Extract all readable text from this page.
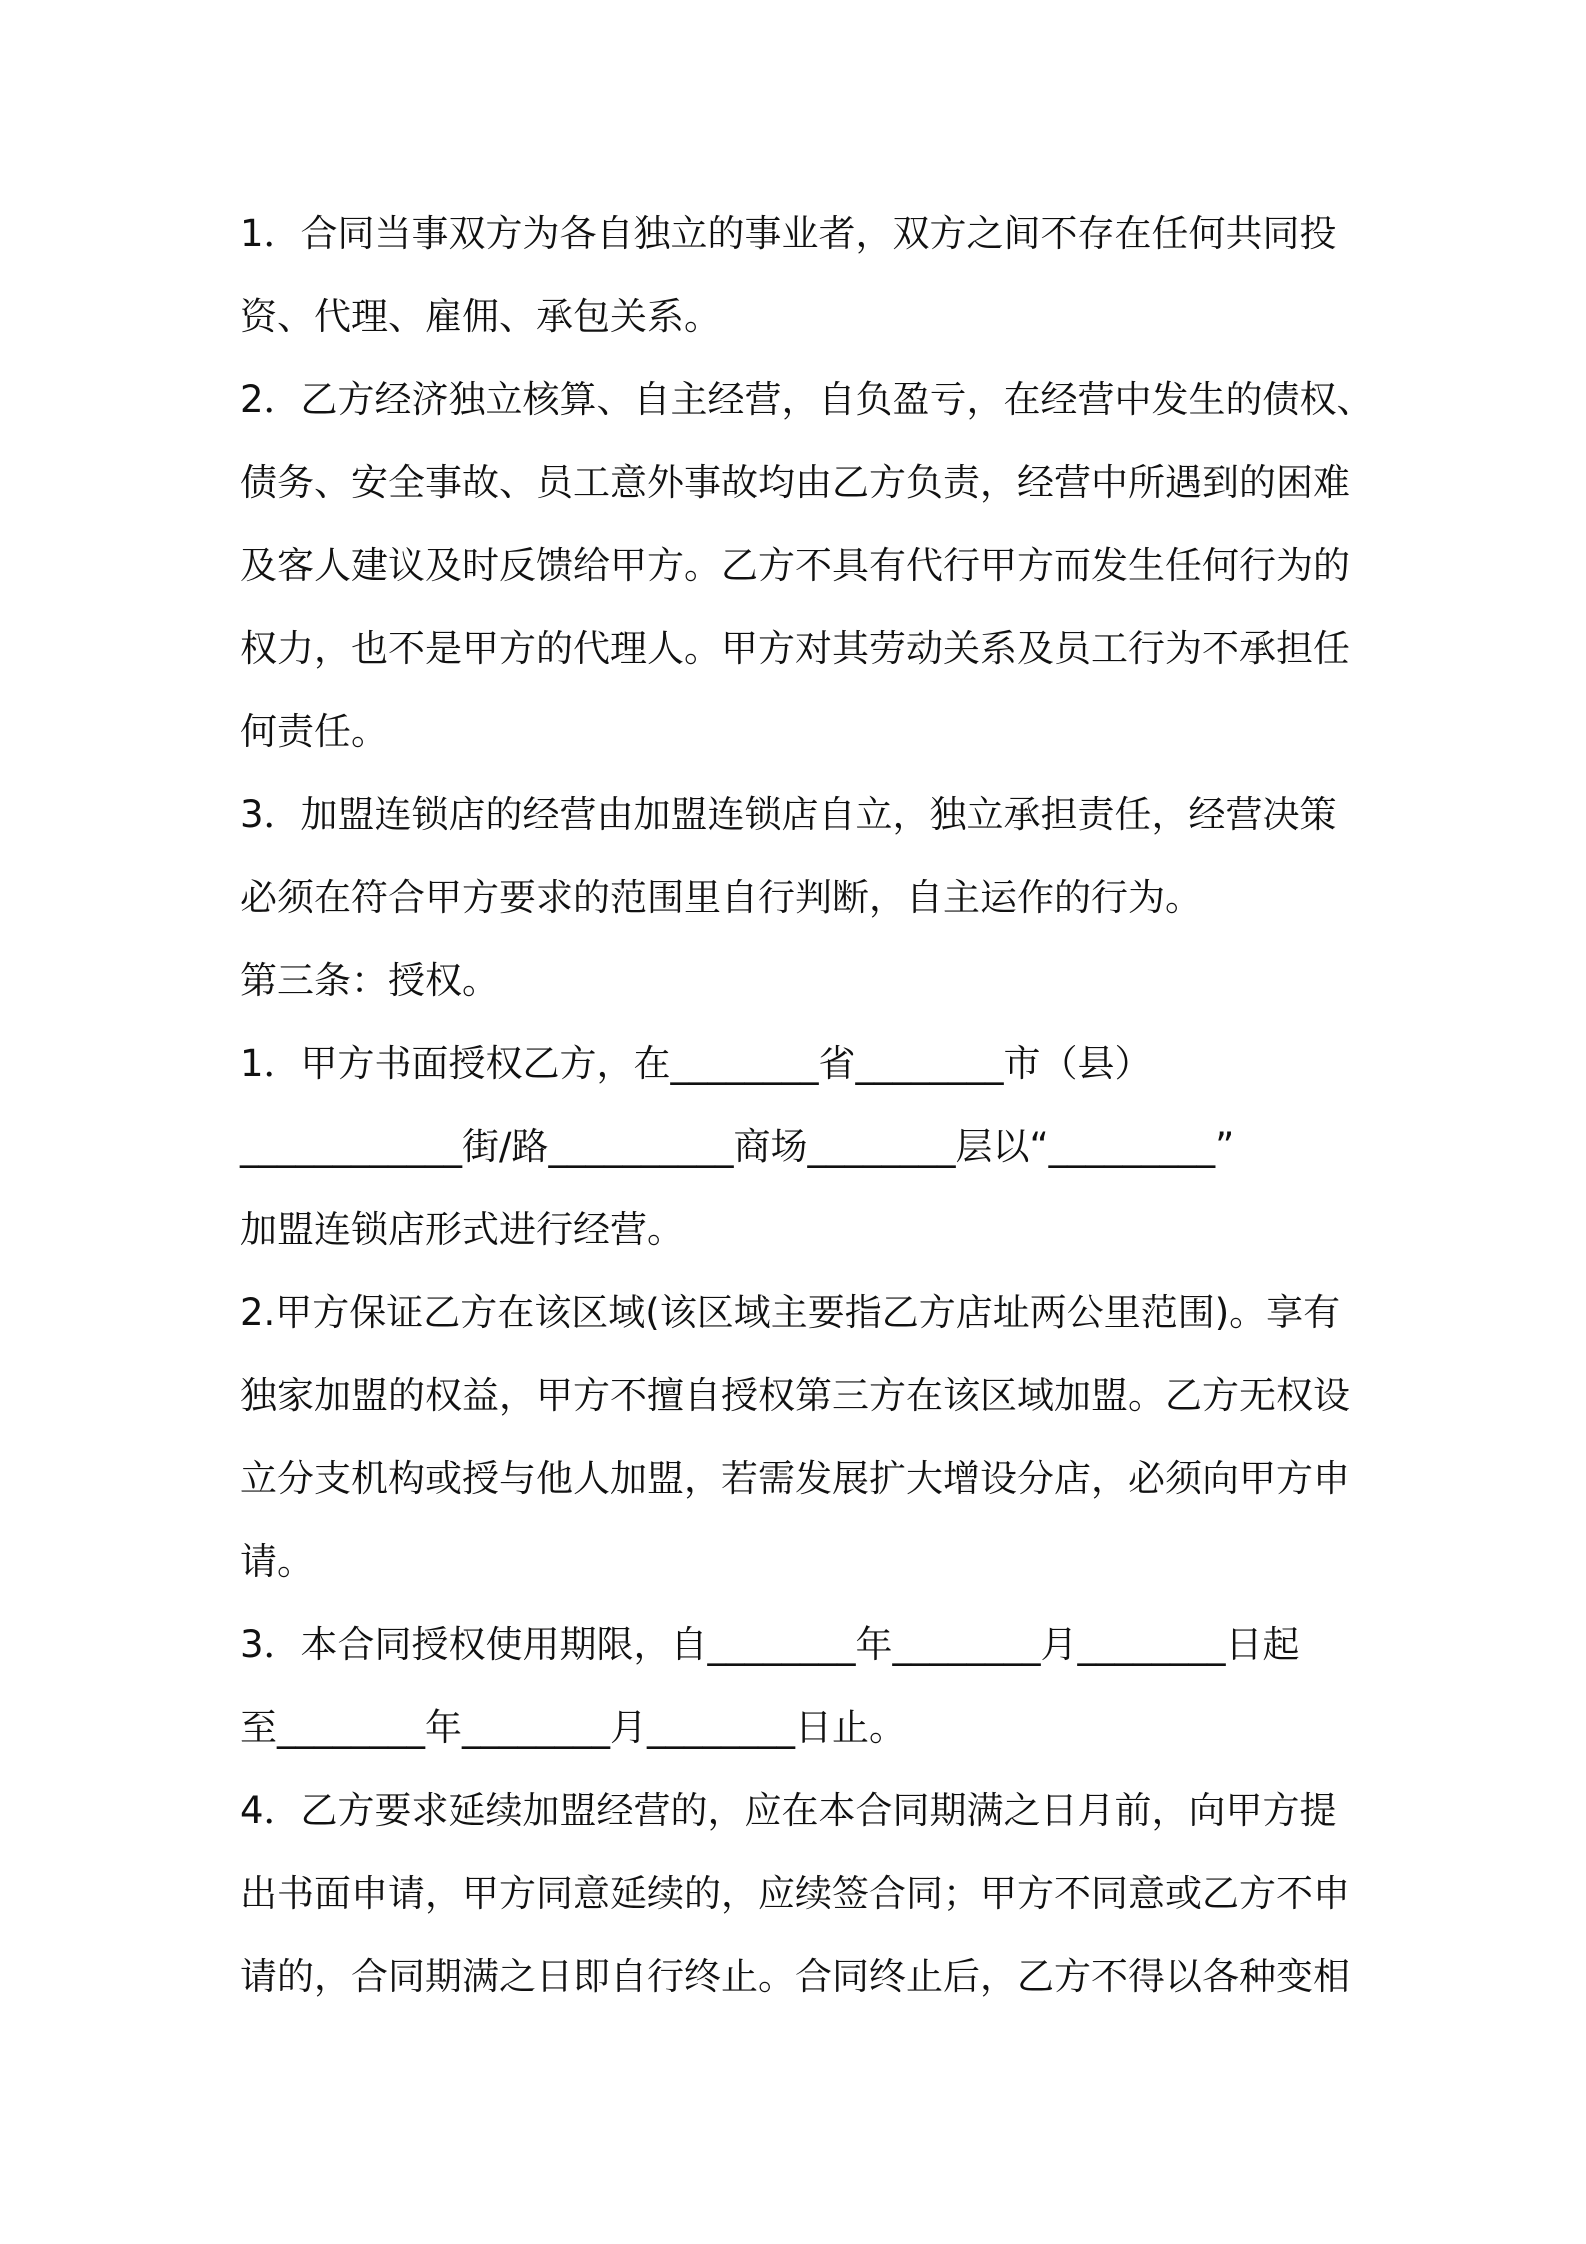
1．合同当事双方为各自独立的事业者，双方之间不存在任何共同投
资、代理、雇佣、承包关系。
2．乙方经济独立核算、自主经营，自负盈亏，在经营中发生的债权、
债务、安全事故、员工意外事故均由乙方负责，经营中所遇到的困难
及客人建议及时反馈给甲方。乙方不具有代行甲方而发生任何行为的
权力，也不是甲方的代理人。甲方对其劳动关系及员工行为不承担任
何责任。
3．加盟连锁店的经营由加盟连锁店自立，独立承担责任，经营决策
必须在符合甲方要求的范围里自行判断，自主运作的行为。
第三条：授权。
1．甲方书面授权乙方，在________省________市（县）
____________街/路__________商场________层以“_________”
加盟连锁店形式进行经营。
2.甲方保证乙方在该区域(该区域主要指乙方店址两公里范围)。享有
独家加盟的权益，甲方不擅自授权第三方在该区域加盟。乙方无权设
立分支机构或授与他人加盟，若需发展扩大增设分店，必须向甲方申
请。
3．本合同授权使用期限，自________年________月________日起
至________年________月________日止。
4．乙方要求延续加盟经营的，应在本合同期满之日月前，向甲方提
出书面申请，甲方同意延续的，应续签合同；甲方不同意或乙方不申
请的，合同期满之日即自行终止。合同终止后，乙方不得以各种变相
